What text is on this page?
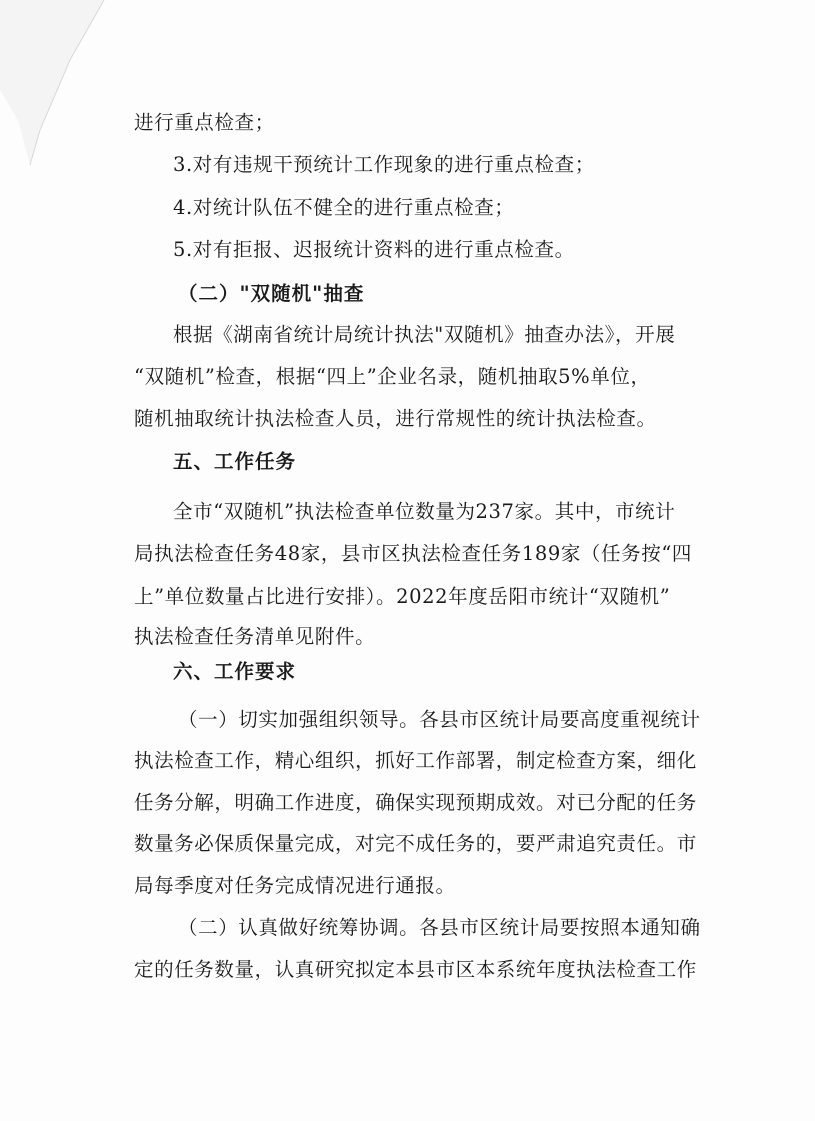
进行重点检查；
3.对有违规干预统计工作现象的进行重点检查；
4.对统计队伍不健全的进行重点检查；
5.对有拒报、迟报统计资料的进行重点检查。
（二）"双随机"抽查
根据《湖南省统计局统计执法"双随机》抽查办法》，开展
“双随机”检查，根据“四上”企业名录，随机抽取5%单位，
随机抽取统计执法检查人员，进行常规性的统计执法检查。
五、工作任务
全市“双随机”执法检查单位数量为237家。其中，市统计
局执法检查任务48家，县市区执法检查任务189家（任务按“四
上”单位数量占比进行安排）。2022年度岳阳市统计“双随机”
执法检查任务清单见附件。
六、工作要求
（一）切实加强组织领导。各县市区统计局要高度重视统计
执法检查工作，精心组织，抓好工作部署，制定检查方案，细化
任务分解，明确工作进度，确保实现预期成效。对已分配的任务
数量务必保质保量完成，对完不成任务的，要严肃追究责任。市
局每季度对任务完成情况进行通报。
（二）认真做好统筹协调。各县市区统计局要按照本通知确
定的任务数量，认真研究拟定本县市区本系统年度执法检查工作
